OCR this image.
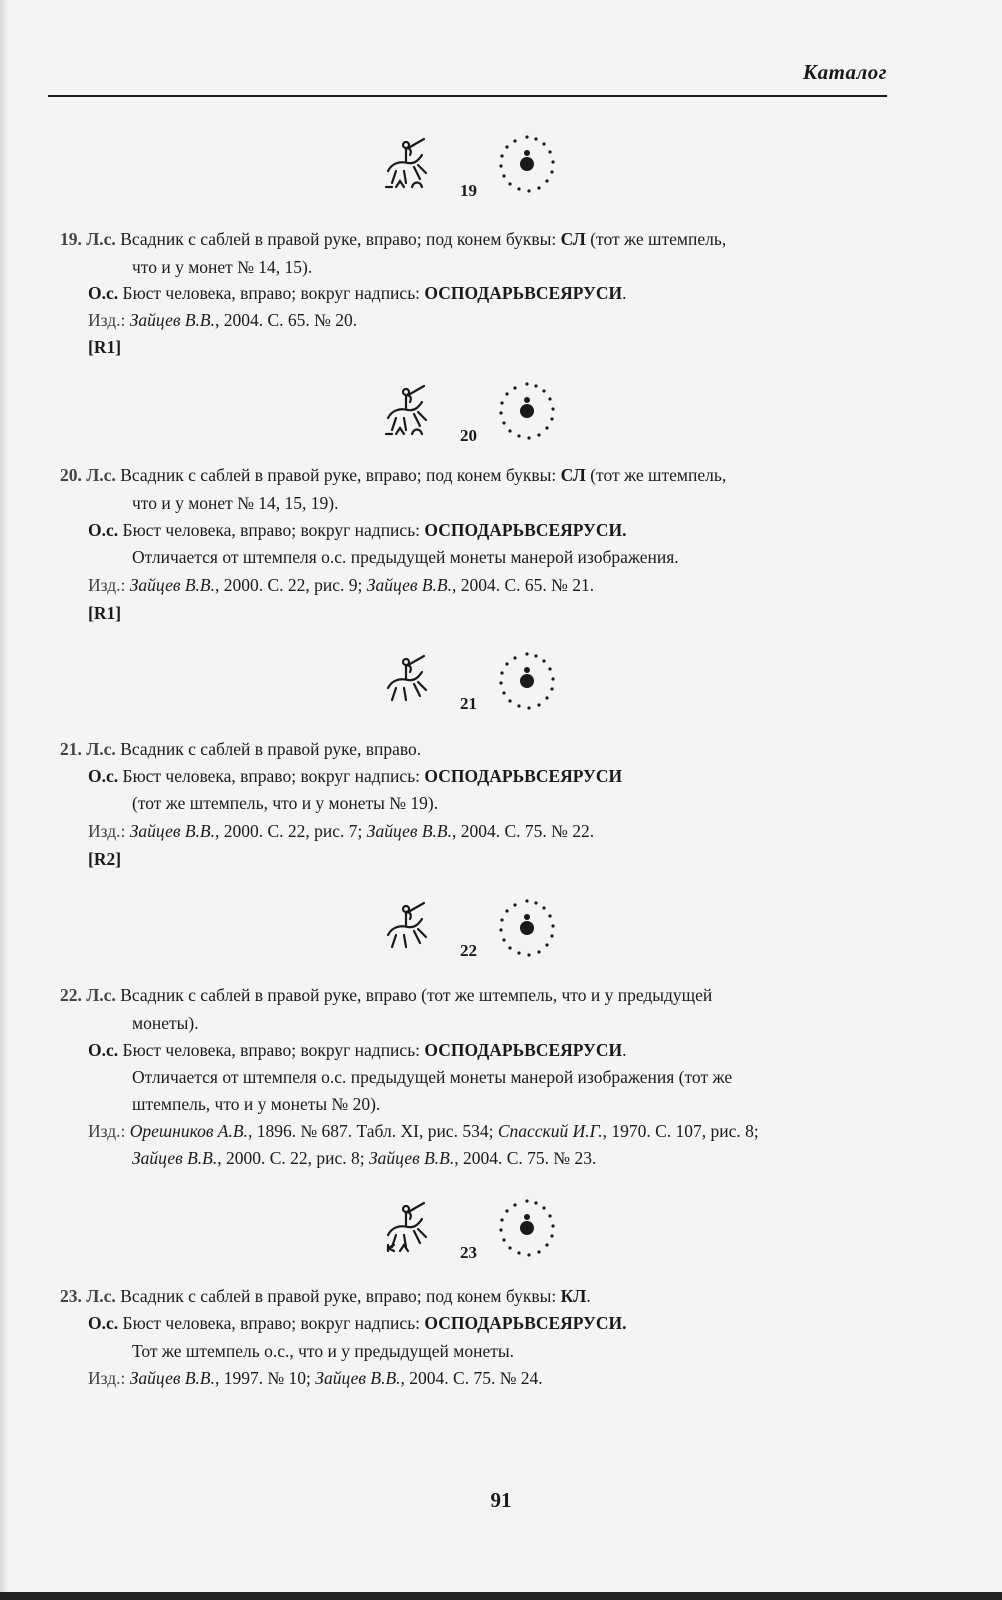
Каталог
19
19. Л.с. Всадник с саблей в правой руке, вправо; под конем буквы: СЛ (тот же штемпель,
что и у монет № 14, 15).
О.с. Бюст человека, вправо; вокруг надпись: ОСПОДАРЬВСЕЯРУСИ.
Изд.: Зайцев В.В., 2004. С. 65. № 20.
[R1]
20
20. Л.с. Всадник с саблей в правой руке, вправо; под конем буквы: СЛ (тот же штемпель,
что и у монет № 14, 15, 19).
О.с. Бюст человека, вправо; вокруг надпись: ОСПОДАРЬВСЕЯРУСИ.
Отличается от штемпеля о.с. предыдущей монеты манерой изображения.
Изд.: Зайцев В.В., 2000. С. 22, рис. 9; Зайцев В.В., 2004. С. 65. № 21.
[R1]
21
21. Л.с. Всадник с саблей в правой руке, вправо.
О.с. Бюст человека, вправо; вокруг надпись: ОСПОДАРЬВСЕЯРУСИ
(тот же штемпель, что и у монеты № 19).
Изд.: Зайцев В.В., 2000. С. 22, рис. 7; Зайцев В.В., 2004. С. 75. № 22.
[R2]
22
22. Л.с. Всадник с саблей в правой руке, вправо (тот же штемпель, что и у предыдущей
монеты).
О.с. Бюст человека, вправо; вокруг надпись: ОСПОДАРЬВСЕЯРУСИ.
Отличается от штемпеля о.с. предыдущей монеты манерой изображения (тот же
штемпель, что и у монеты № 20).
Изд.: Орешников А.В., 1896. № 687. Табл. XI, рис. 534; Спасский И.Г., 1970. С. 107, рис. 8;
Зайцев В.В., 2000. С. 22, рис. 8; Зайцев В.В., 2004. С. 75. № 23.
23
23. Л.с. Всадник с саблей в правой руке, вправо; под конем буквы: КЛ.
О.с. Бюст человека, вправо; вокруг надпись: ОСПОДАРЬВСЕЯРУСИ.
Тот же штемпель о.с., что и у предыдущей монеты.
Изд.: Зайцев В.В., 1997. № 10; Зайцев В.В., 2004. С. 75. № 24.
91
